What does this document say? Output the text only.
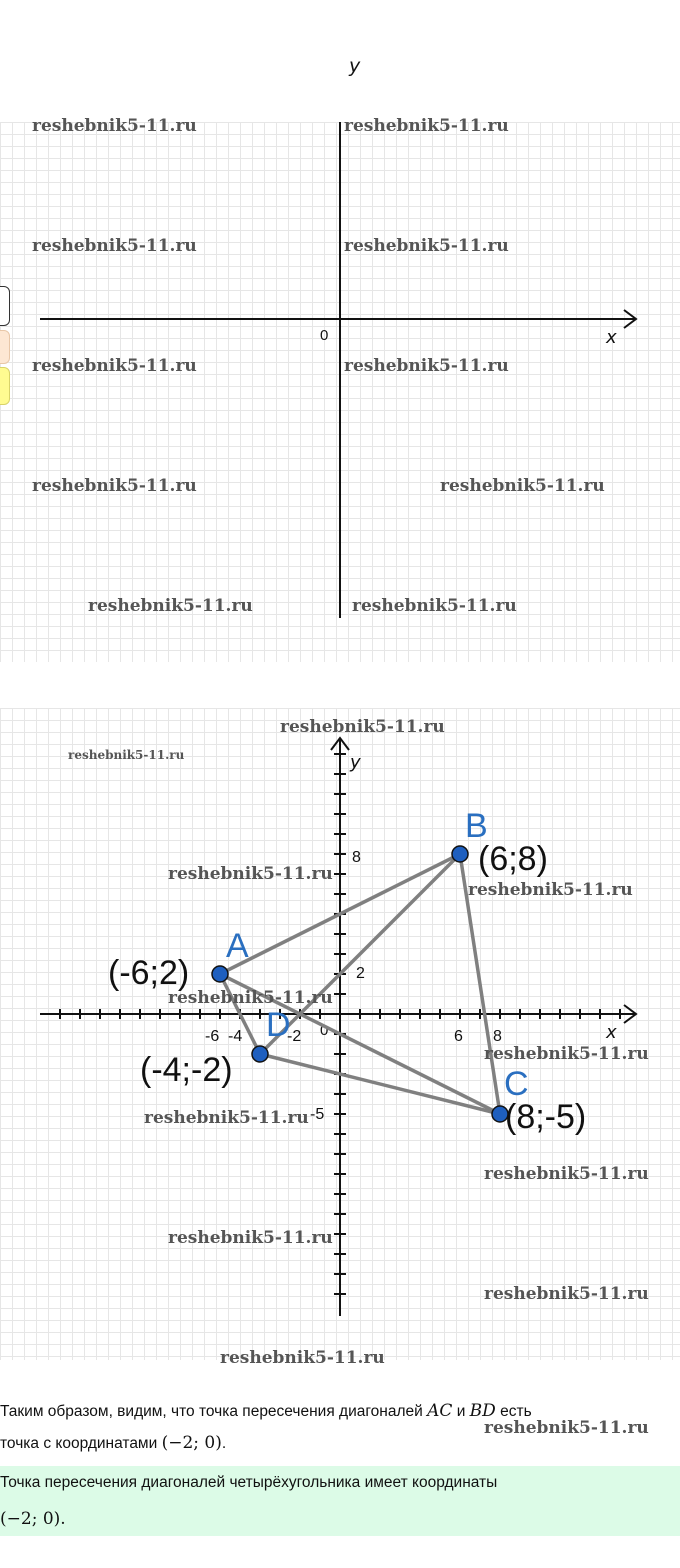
y
0	x
reshebnik5-11.ru	reshebnik5-11.ru
reshebnik5-11.ru	reshebnik5-11.ru
reshebnik5-11.ru	reshebnik5-11.ru
reshebnik5-11.ru	reshebnik5-11.ru
reshebnik5-11.ru	reshebnik5-11.ru
y
x
0
-6 -4	-2	6 8
8
2
-5
A
(-6;2)
B
(6;8)
C
(8;-5)
D
(-4;-2)
reshebnik5-11.ru
reshebnik5-11.ru
reshebnik5-11.ru
reshebnik5-11.ru
reshebnik5-11.ru
reshebnik5-11.ru
reshebnik5-11.ru
reshebnik5-11.ru
reshebnik5-11.ru
reshebnik5-11.ru
reshebnik5-11.ru
Таким образом, видим, что точка пересечения диагоналей AC и BD есть
точка с координатами (−2; 0).
reshebnik5-11.ru
Точка пересечения диагоналей четырёхугольника имеет координаты
(−2; 0).
